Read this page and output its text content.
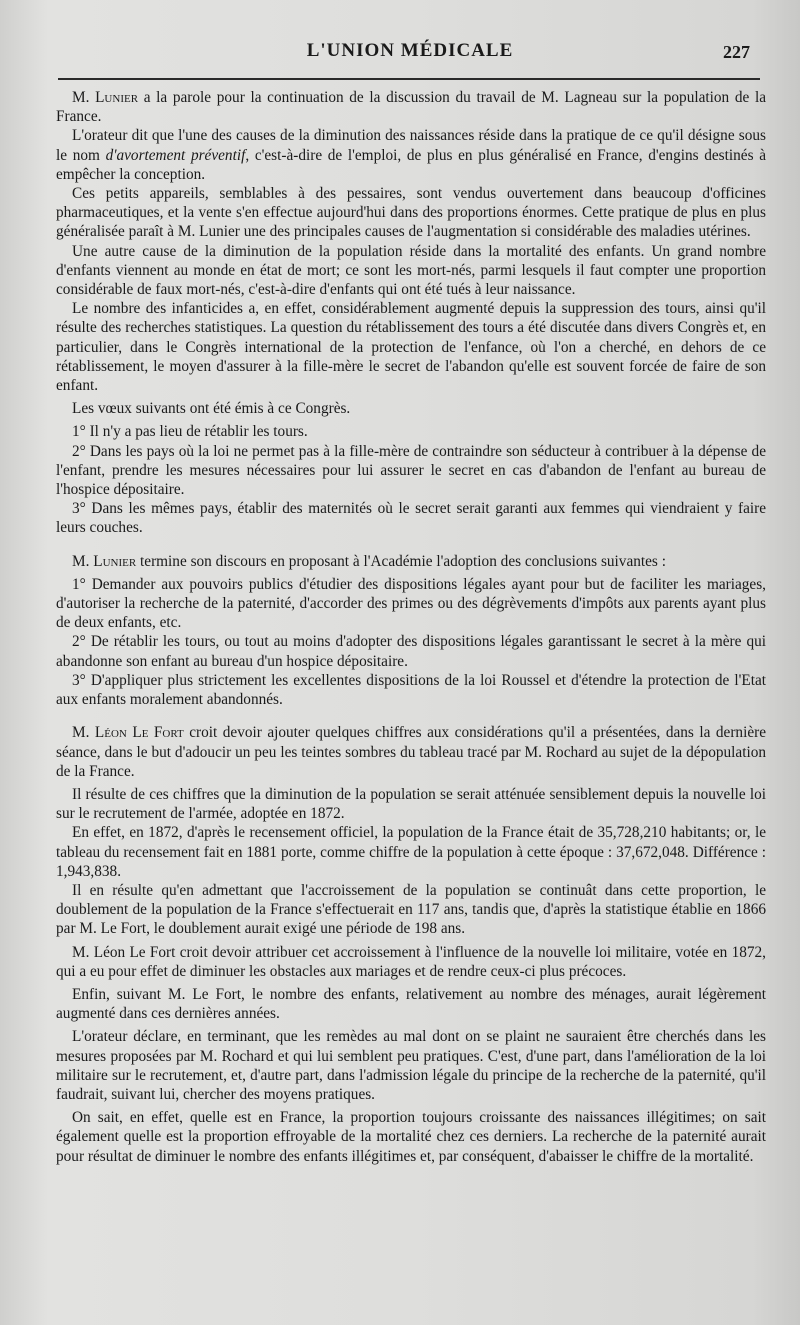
L'UNION MÉDICALE	227

M. Lunier a la parole pour la continuation de la discussion du travail de M. Lagneau sur la population de la France.

L'orateur dit que l'une des causes de la diminution des naissances réside dans la pratique de ce qu'il désigne sous le nom d'avortement préventif, c'est-à-dire de l'emploi, de plus en plus généralisé en France, d'engins destinés à empêcher la conception.

Ces petits appareils, semblables à des pessaires, sont vendus ouvertement dans beaucoup d'officines pharmaceutiques, et la vente s'en effectue aujourd'hui dans des proportions énormes. Cette pratique de plus en plus généralisée paraît à M. Lunier une des principales causes de l'augmentation si considérable des maladies utérines.

Une autre cause de la diminution de la population réside dans la mortalité des enfants. Un grand nombre d'enfants viennent au monde en état de mort; ce sont les mort-nés, parmi lesquels il faut compter une proportion considérable de faux mort-nés, c'est-à-dire d'enfants qui ont été tués à leur naissance.

Le nombre des infanticides a, en effet, considérablement augmenté depuis la suppression des tours, ainsi qu'il résulte des recherches statistiques. La question du rétablissement des tours a été discutée dans divers Congrès et, en particulier, dans le Congrès international de la protection de l'enfance, où l'on a cherché, en dehors de ce rétablissement, le moyen d'assurer à la fille-mère le secret de l'abandon qu'elle est souvent forcée de faire de son enfant.

Les vœux suivants ont été émis à ce Congrès.

1° Il n'y a pas lieu de rétablir les tours.

2° Dans les pays où la loi ne permet pas à la fille-mère de contraindre son séducteur à contribuer à la dépense de l'enfant, prendre les mesures nécessaires pour lui assurer le secret en cas d'abandon de l'enfant au bureau de l'hospice dépositaire.

3° Dans les mêmes pays, établir des maternités où le secret serait garanti aux femmes qui viendraient y faire leurs couches.

M. Lunier termine son discours en proposant à l'Académie l'adoption des conclusions suivantes :

1° Demander aux pouvoirs publics d'étudier des dispositions légales ayant pour but de faciliter les mariages, d'autoriser la recherche de la paternité, d'accorder des primes ou des dégrèvements d'impôts aux parents ayant plus de deux enfants, etc.

2° De rétablir les tours, ou tout au moins d'adopter des dispositions légales garantissant le secret à la mère qui abandonne son enfant au bureau d'un hospice dépositaire.

3° D'appliquer plus strictement les excellentes dispositions de la loi Roussel et d'étendre la protection de l'Etat aux enfants moralement abandonnés.

M. Léon Le Fort croit devoir ajouter quelques chiffres aux considérations qu'il a présentées, dans la dernière séance, dans le but d'adoucir un peu les teintes sombres du tableau tracé par M. Rochard au sujet de la dépopulation de la France.

Il résulte de ces chiffres que la diminution de la population se serait atténuée sensiblement depuis la nouvelle loi sur le recrutement de l'armée, adoptée en 1872.

En effet, en 1872, d'après le recensement officiel, la population de la France était de 35,728,210 habitants; or, le tableau du recensement fait en 1881 porte, comme chiffre de la population à cette époque : 37,672,048. Différence : 1,943,838.

Il en résulte qu'en admettant que l'accroissement de la population se continuât dans cette proportion, le doublement de la population de la France s'effectuerait en 117 ans, tandis que, d'après la statistique établie en 1866 par M. Le Fort, le doublement aurait exigé une période de 198 ans.

M. Léon Le Fort croit devoir attribuer cet accroissement à l'influence de la nouvelle loi militaire, votée en 1872, qui a eu pour effet de diminuer les obstacles aux mariages et de rendre ceux-ci plus précoces.

Enfin, suivant M. Le Fort, le nombre des enfants, relativement au nombre des ménages, aurait légèrement augmenté dans ces dernières années.

L'orateur déclare, en terminant, que les remèdes au mal dont on se plaint ne sauraient être cherchés dans les mesures proposées par M. Rochard et qui lui semblent peu pratiques. C'est, d'une part, dans l'amélioration de la loi militaire sur le recrutement, et, d'autre part, dans l'admission légale du principe de la recherche de la paternité, qu'il faudrait, suivant lui, chercher des moyens pratiques.

On sait, en effet, quelle est en France, la proportion toujours croissante des naissances illégitimes; on sait également quelle est la proportion effroyable de la mortalité chez ces derniers. La recherche de la paternité aurait pour résultat de diminuer le nombre des enfants illégitimes et, par conséquent, d'abaisser le chiffre de la mortalité.
